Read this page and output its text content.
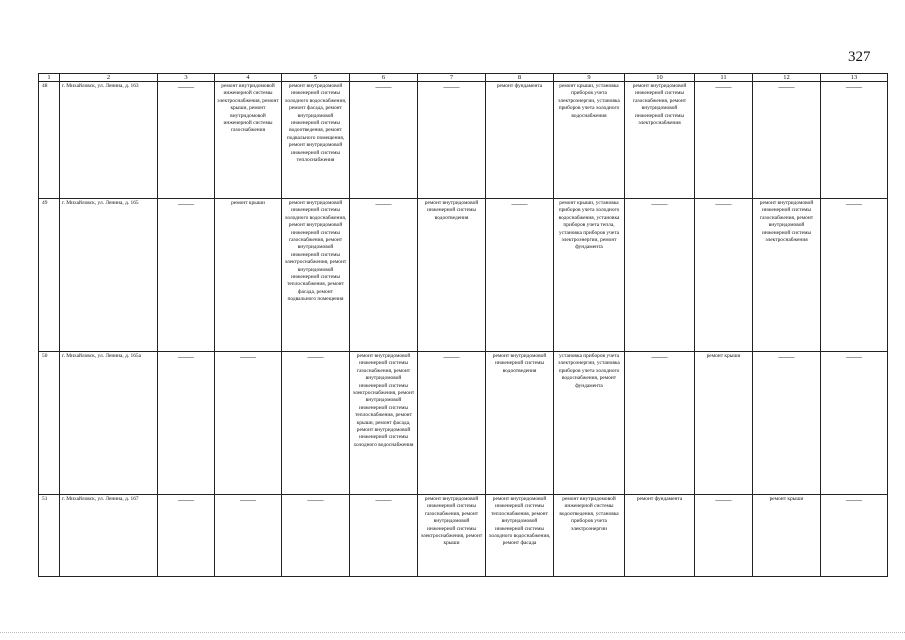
327
1	2	3	4	5	6	7	8	9	10	11	12	13
48	г. Михайловск, ул. Ленина, д. 163	——	ремонт внутридомовой инженерной системы электроснабжения, ремонт крыши, ремонт внутридомовой инженерной системы газоснабжения	ремонт внутридомовой инженерной системы холодного водоснабжения, ремонт фасада, ремонт внутридомовой инженерной системы водоотведения, ремонт подвального помещения, ремонт внутридомовой инженерной системы теплоснабжения	——	——	ремонт фундамента	ремонт крыши, установка приборов учета электроэнергии, установка приборов учета холодного водоснабжения	ремонт внутридомовой инженерной системы газоснабжения, ремонт внутридомовой инженерной системы электроснабжения	——	——	——

49	г. Михайловск, ул. Ленина, д. 165	——	ремонт крыши	ремонт внутридомовой инженерной системы холодного водоснабжения, ремонт внутридомовой инженерной системы газоснабжения, ремонт внутридомовой инженерной системы электроснабжения, ремонт внутридомовой инженерной системы теплоснабжения, ремонт фасада, ремонт подвального помещения	——	ремонт внутридомовой инженерной системы водоотведения	——	ремонт крыши, установка приборов учета холодного водоснабжения, установка приборов учета тепла, установка приборов учета электроэнергии, ремонт фундамента	——	——	ремонт внутридомовой инженерной системы газоснабжения, ремонт внутридомовой инженерной системы электроснабжения	——

50	г. Михайловск, ул. Ленина, д. 165а	——	——	——	ремонт внутридомовой инженерной системы газоснабжения, ремонт внутридомовой инженерной системы электроснабжения, ремонт внутридомовой инженерной системы теплоснабжения, ремонт крыши, ремонт фасада, ремонт внутридомовой инженерной системы холодного водоснабжения	——	ремонт внутридомовой инженерной системы водоотведения	установка приборов учета электроэнергии, установка приборов учета холодного водоснабжения, ремонт фундамента	——	ремонт крыши	——	——

51	г. Михайловск, ул. Ленина, д. 167	——	——	——	——	ремонт внутридомовой инженерной системы газоснабжения, ремонт внутридомовой инженерной системы электроснабжения, ремонт крыши	ремонт внутридомовой инженерной системы теплоснабжения, ремонт внутридомовой инженерной системы холодного водоснабжения, ремонт фасада	ремонт внутридомовой инженерной системы водоотведения, установка приборов учета электроэнергии	ремонт фундамента	——	ремонт крыши	——
